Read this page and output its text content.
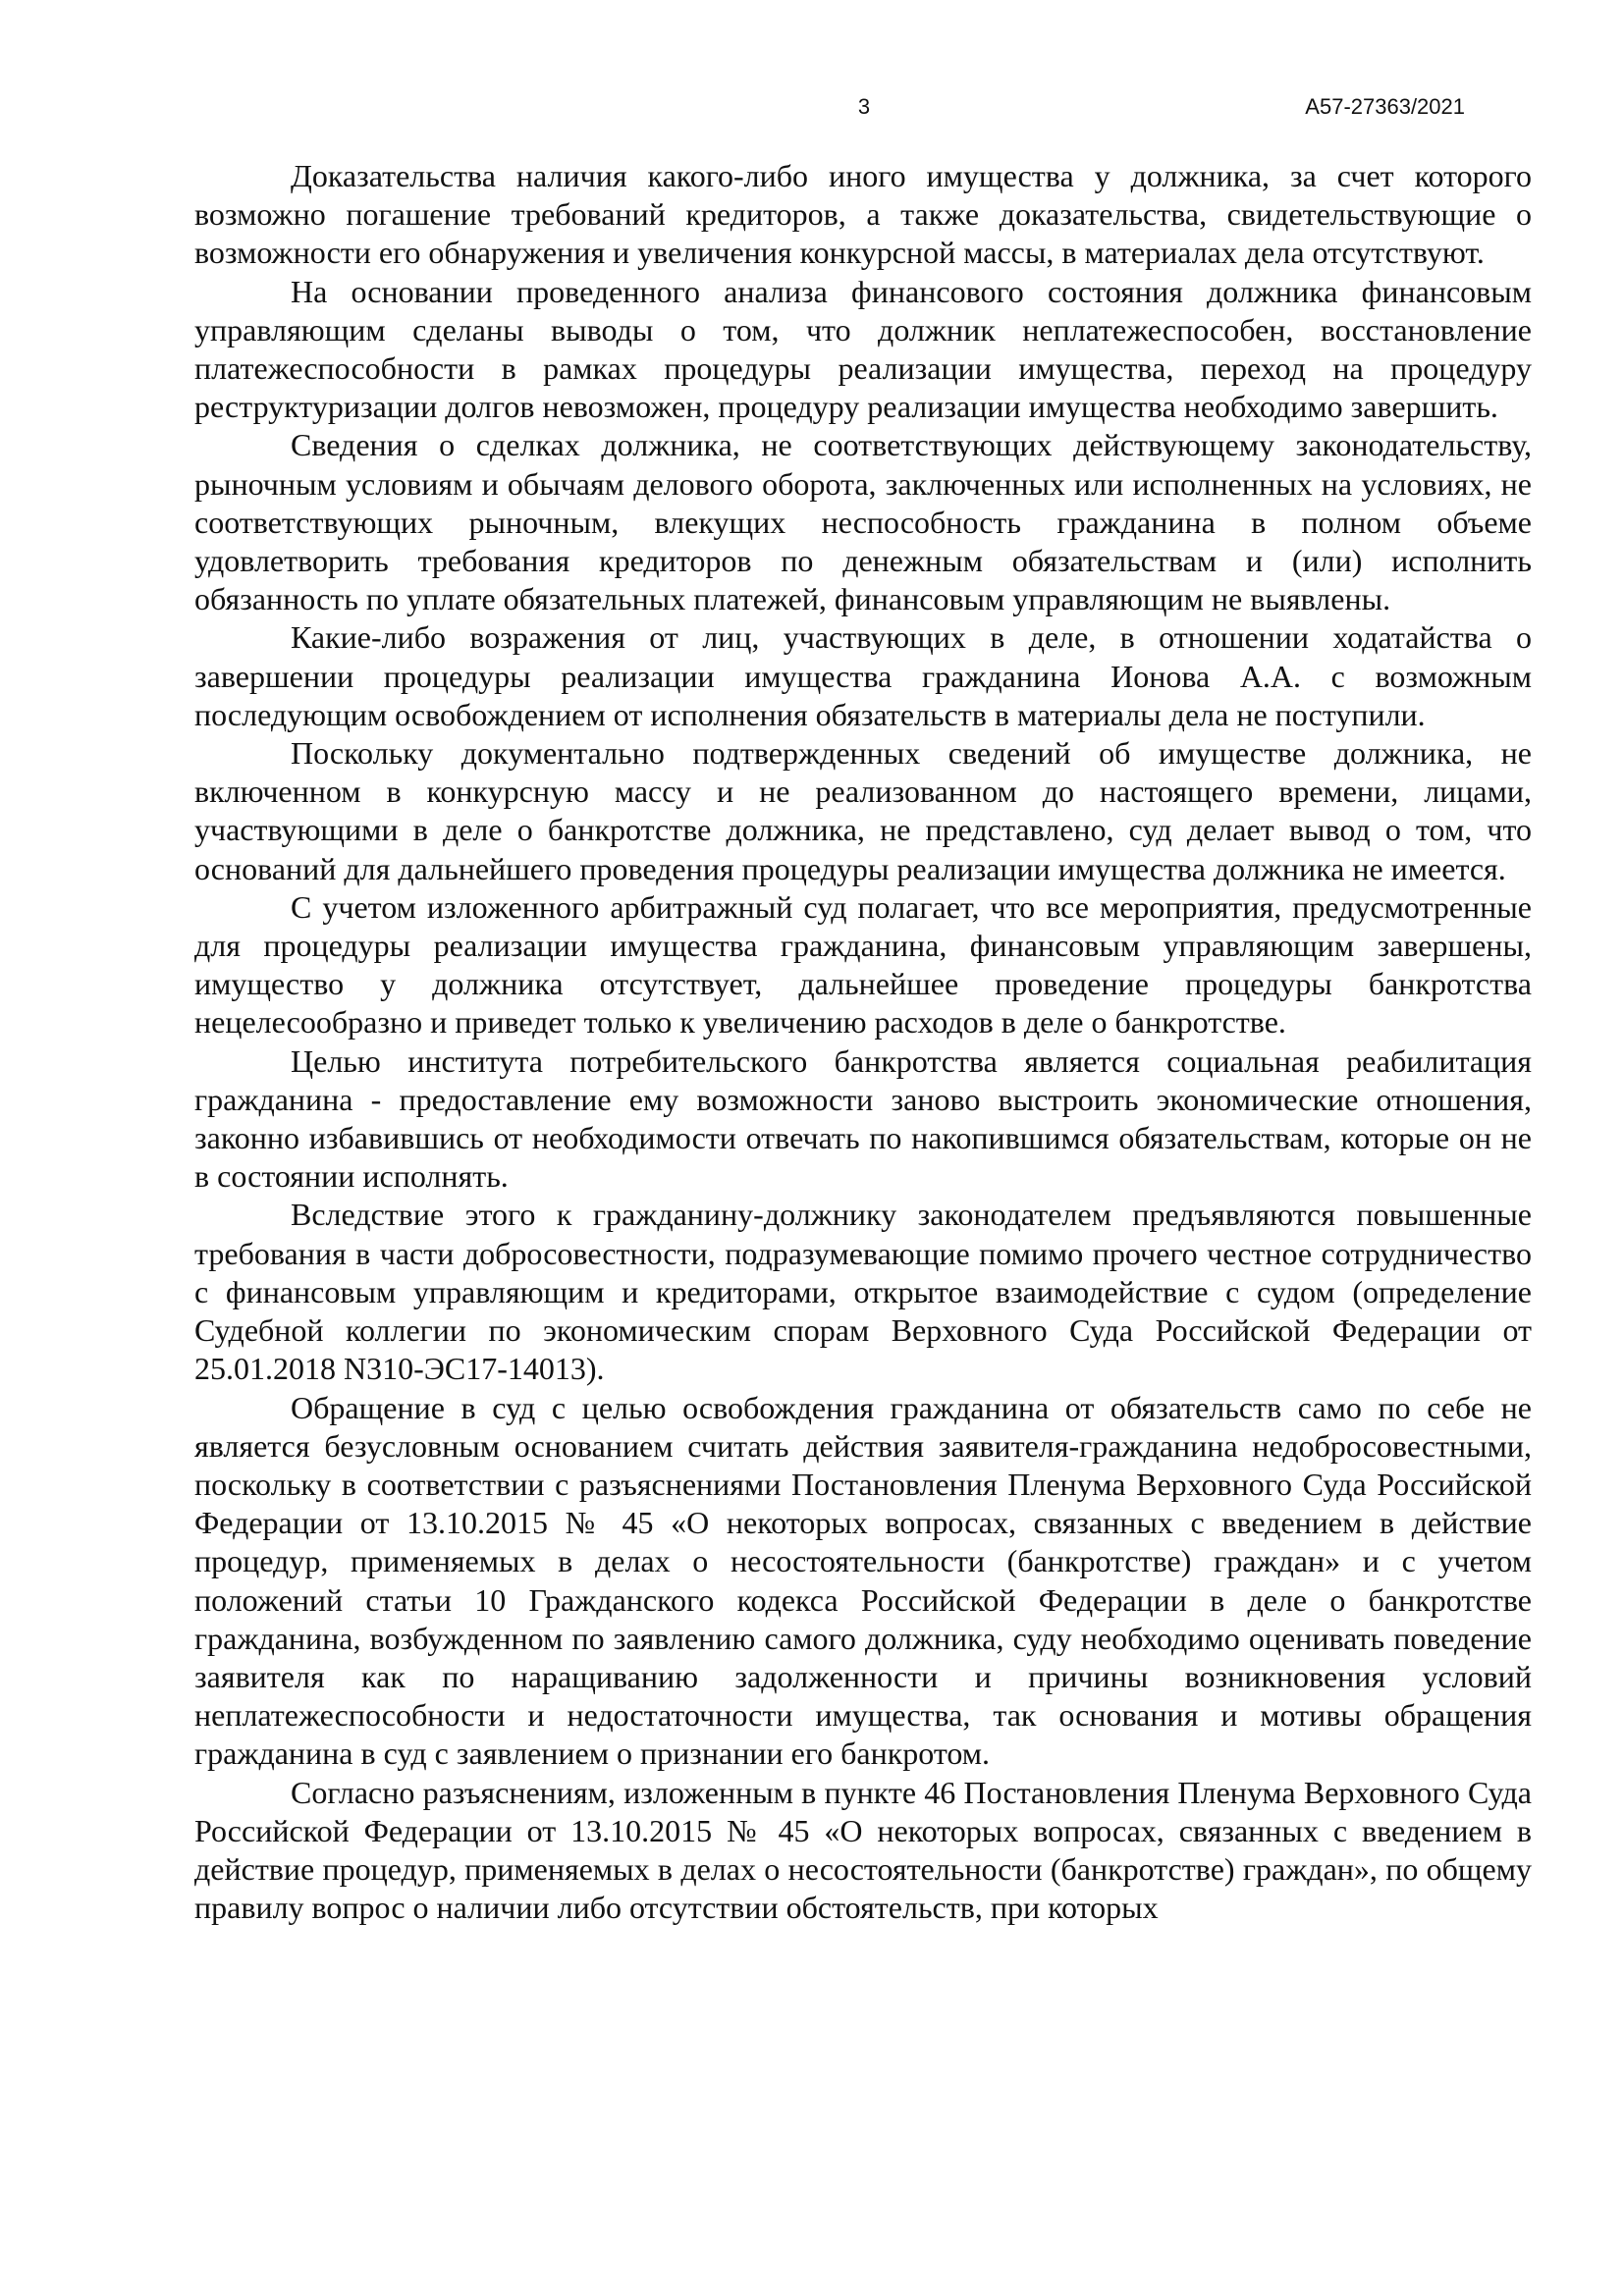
3	А57-27363/2021

Доказательства наличия какого-либо иного имущества у должника, за счет которого возможно погашение требований кредиторов, а также доказательства, свидетельствующие о возможности его обнаружения и увеличения конкурсной массы, в материалах дела отсутствуют.

На основании проведенного анализа финансового состояния должника финансовым управляющим сделаны выводы о том, что должник неплатежеспособен, восстановление платежеспособности в рамках процедуры реализации имущества, переход на процедуру реструктуризации долгов невозможен, процедуру реализации имущества необходимо завершить.

Сведения о сделках должника, не соответствующих действующему законодательству, рыночным условиям и обычаям делового оборота, заключенных или исполненных на условиях, не соответствующих рыночным, влекущих неспособность гражданина в полном объеме удовлетворить требования кредиторов по денежным обязательствам и (или) исполнить обязанность по уплате обязательных платежей, финансовым управляющим не выявлены.

Какие-либо возражения от лиц, участвующих в деле, в отношении ходатайства о завершении процедуры реализации имущества гражданина Ионова А.А. с возможным последующим освобождением от исполнения обязательств в материалы дела не поступили.

Поскольку документально подтвержденных сведений об имуществе должника, не включенном в конкурсную массу и не реализованном до настоящего времени, лицами, участвующими в деле о банкротстве должника, не представлено, суд делает вывод о том, что оснований для дальнейшего проведения процедуры реализации имущества должника не имеется.

С учетом изложенного арбитражный суд полагает, что все мероприятия, предусмотренные для процедуры реализации имущества гражданина, финансовым управляющим завершены, имущество у должника отсутствует, дальнейшее проведение процедуры банкротства нецелесообразно и приведет только к увеличению расходов в деле о банкротстве.

Целью института потребительского банкротства является социальная реабилитация гражданина - предоставление ему возможности заново выстроить экономические отношения, законно избавившись от необходимости отвечать по накопившимся обязательствам, которые он не в состоянии исполнять.

Вследствие этого к гражданину-должнику законодателем предъявляются повышенные требования в части добросовестности, подразумевающие помимо прочего честное сотрудничество с финансовым управляющим и кредиторами, открытое взаимодействие с судом (определение Судебной коллегии по экономическим спорам Верховного Суда Российской Федерации от 25.01.2018 N310-ЭС17-14013).

Обращение в суд с целью освобождения гражданина от обязательств само по себе не является безусловным основанием считать действия заявителя-гражданина недобросовестными, поскольку в соответствии с разъяснениями Постановления Пленума Верховного Суда Российской Федерации от 13.10.2015 № 45 «О некоторых вопросах, связанных с введением в действие процедур, применяемых в делах о несостоятельности (банкротстве) граждан» и с учетом положений статьи 10 Гражданского кодекса Российской Федерации в деле о банкротстве гражданина, возбужденном по заявлению самого должника, суду необходимо оценивать поведение заявителя как по наращиванию задолженности и причины возникновения условий неплатежеспособности и недостаточности имущества, так основания и мотивы обращения гражданина в суд с заявлением о признании его банкротом.

Согласно разъяснениям, изложенным в пункте 46 Постановления Пленума Верховного Суда Российской Федерации от 13.10.2015 № 45 «О некоторых вопросах, связанных с введением в действие процедур, применяемых в делах о несостоятельности (банкротстве) граждан», по общему правилу вопрос о наличии либо отсутствии обстоятельств, при которых
